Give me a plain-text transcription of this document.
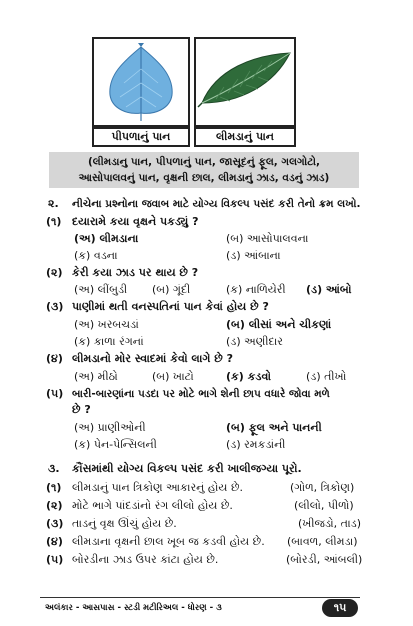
પીપળાનું પાન	લીમડાનું પાન
(લીમડાનુ પાન, પીપળાનું પાન, જાસૂદનું ફૂલ, ગલગોટો,
આસોપાલવનું પાન, વૃક્ષની છાલ, લીમડાનું ઝાડ, વડનું ઝાડ)
૨. નીચેના પ્રશ્નોના જવાબ માટે યોગ્ય વિકલ્પ પસંદ કરી તેનો ક્રમ લખો.
(૧) દયારામે કયા વૃક્ષને પકડ્યું ?
(અ) લીમડાના	(બ) આસોપાલવના
(ક) વડના	(ડ) આંબાના
(૨) કેરી કયા ઝાડ પર થાય છે ?
(અ) લીંબુડી (બ) ગૂંદી	(ક) નાળિયેરી (ડ) આંબો
(૩) પાણીમાં થતી વનસ્પતિનાં પાન કેવાં હોય છે ?
(અ) ખરબચડાં	(બ) લીસાં અને ચીકણાં
(ક) કાળા રંગનાં	(ડ) અણીદાર
(૪) લીમડાનો મોર સ્વાદમાં કેવો લાગે છે ?
(અ) મીઠો	(બ) ખાટો	(ક) કડવો	(ડ) તીખો
(૫) બારી-બારણાંના પડદા પર મોટે ભાગે શેની છાપ વધારે જોવા મળે
છે ?
(અ) પ્રાણીઓની	(બ) ફૂલ અને પાનની
(ક) પેન-પેન્સિલની	(ડ) રમકડાંની
૩. કૌંસમાંથી યોગ્ય વિકલ્પ પસંદ કરી ખાલીજગ્યા પૂરો.
(૧) લીમડાનું પાન ત્રિકોણ આકારનું હોય છે.	(ગોળ, ત્રિકોણ)
(૨) મોટે ભાગે પાંદડાંનો રંગ લીલો હોય છે.	(લીલો, પીળો)
(૩) તાડનું વૃક્ષ ઊંચું હોય છે.	(ખીજડો, તાડ)
(૪) લીમડાના વૃક્ષની છાલ ખૂબ જ કડવી હોય છે. (બાવળ, લીમડા)
(૫) બોરડીના ઝાડ ઉપર કાંટા હોય છે.	(બોરડી, આંબલી)
અલંકાર - આસપાસ - સ્ટડી મટીરિઅલ - ધોરણ - ૩	૧૫
